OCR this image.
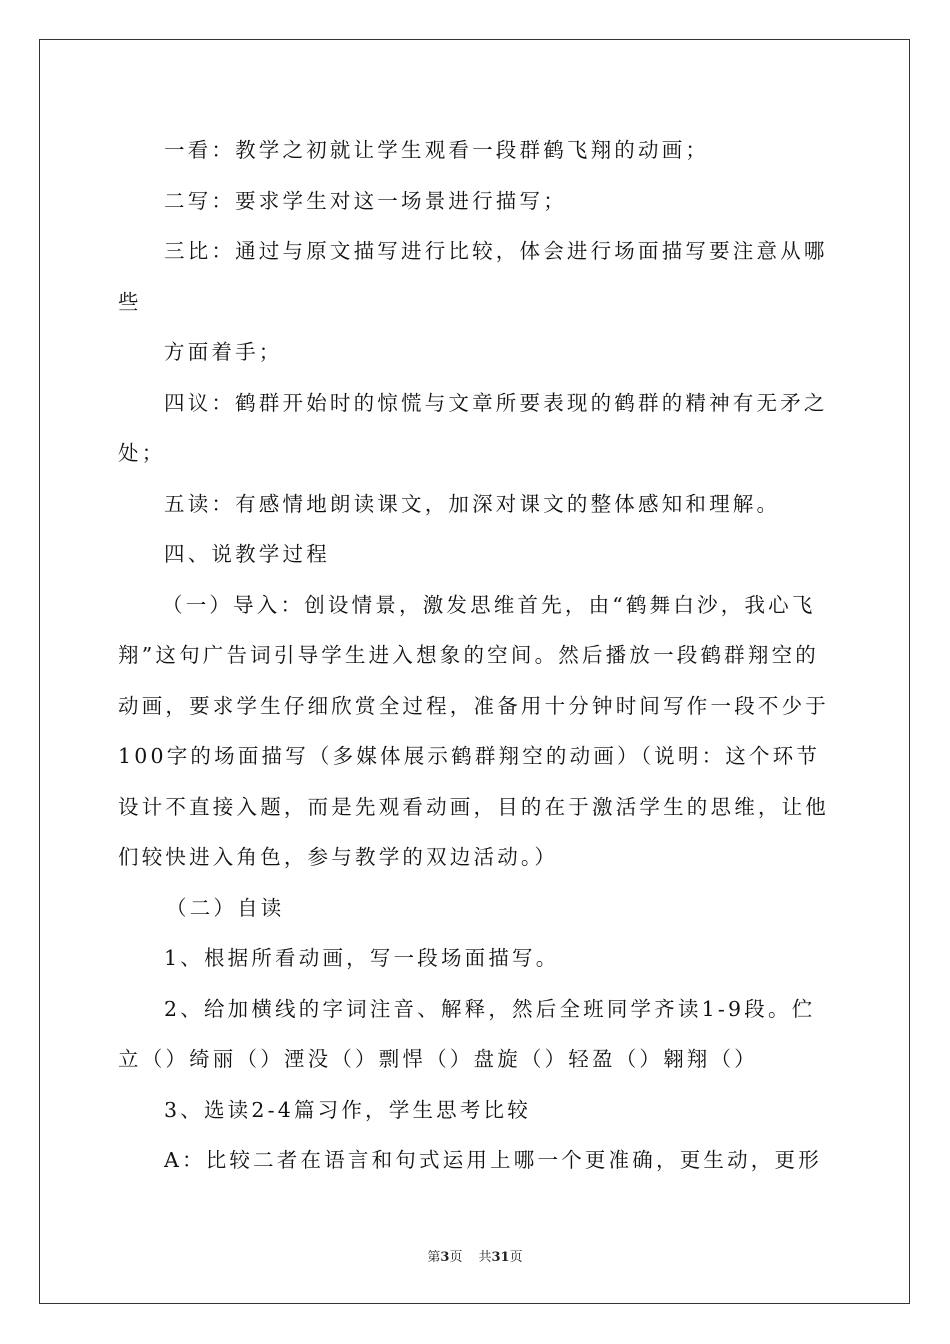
一看：教学之初就让学生观看一段群鹤飞翔的动画；
二写：要求学生对这一场景进行描写；
三比：通过与原文描写进行比较，体会进行场面描写要注意从哪
些
方面着手；
四议：鹤群开始时的惊慌与文章所要表现的鹤群的精神有无矛之
处；
五读：有感情地朗读课文，加深对课文的整体感知和理解。
四、说教学过程
（一）导入：创设情景，激发思维首先，由“鹤舞白沙，我心飞
翔”这句广告词引导学生进入想象的空间。然后播放一段鹤群翔空的
动画，要求学生仔细欣赏全过程，准备用十分钟时间写作一段不少于
100字的场面描写（多媒体展示鹤群翔空的动画）（说明：这个环节
设计不直接入题，而是先观看动画，目的在于激活学生的思维，让他
们较快进入角色，参与教学的双边活动。）
（二）自读
1、根据所看动画，写一段场面描写。
2、给加横线的字词注音、解释，然后全班同学齐读1-9段。伫
立（）绮丽（）湮没（）剽悍（）盘旋（）轻盈（）翱翔（）
3、选读2-4篇习作，学生思考比较
A：比较二者在语言和句式运用上哪一个更准确，更生动，更形
第3页 共31页
